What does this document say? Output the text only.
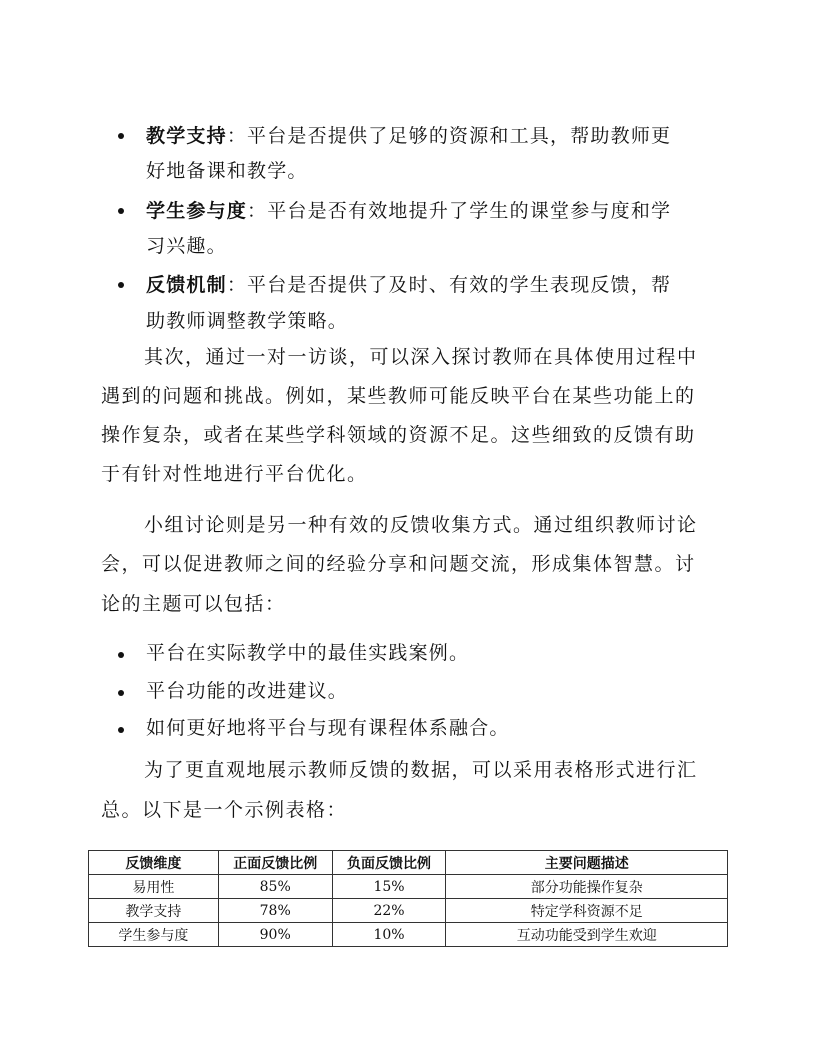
教学支持：平台是否提供了足够的资源和工具，帮助教师更
好地备课和教学。
学生参与度：平台是否有效地提升了学生的课堂参与度和学
习兴趣。
反馈机制：平台是否提供了及时、有效的学生表现反馈，帮
助教师调整教学策略。
其次，通过一对一访谈，可以深入探讨教师在具体使用过程中
遇到的问题和挑战。例如，某些教师可能反映平台在某些功能上的
操作复杂，或者在某些学科领域的资源不足。这些细致的反馈有助
于有针对性地进行平台优化。
小组讨论则是另一种有效的反馈收集方式。通过组织教师讨论
会，可以促进教师之间的经验分享和问题交流，形成集体智慧。讨
论的主题可以包括：
平台在实际教学中的最佳实践案例。
平台功能的改进建议。
如何更好地将平台与现有课程体系融合。
为了更直观地展示教师反馈的数据，可以采用表格形式进行汇
总。以下是一个示例表格：
反馈维度	正面反馈比例	负面反馈比例	主要问题描述
易用性	85%	15%	部分功能操作复杂
教学支持	78%	22%	特定学科资源不足
学生参与度	90%	10%	互动功能受到学生欢迎
